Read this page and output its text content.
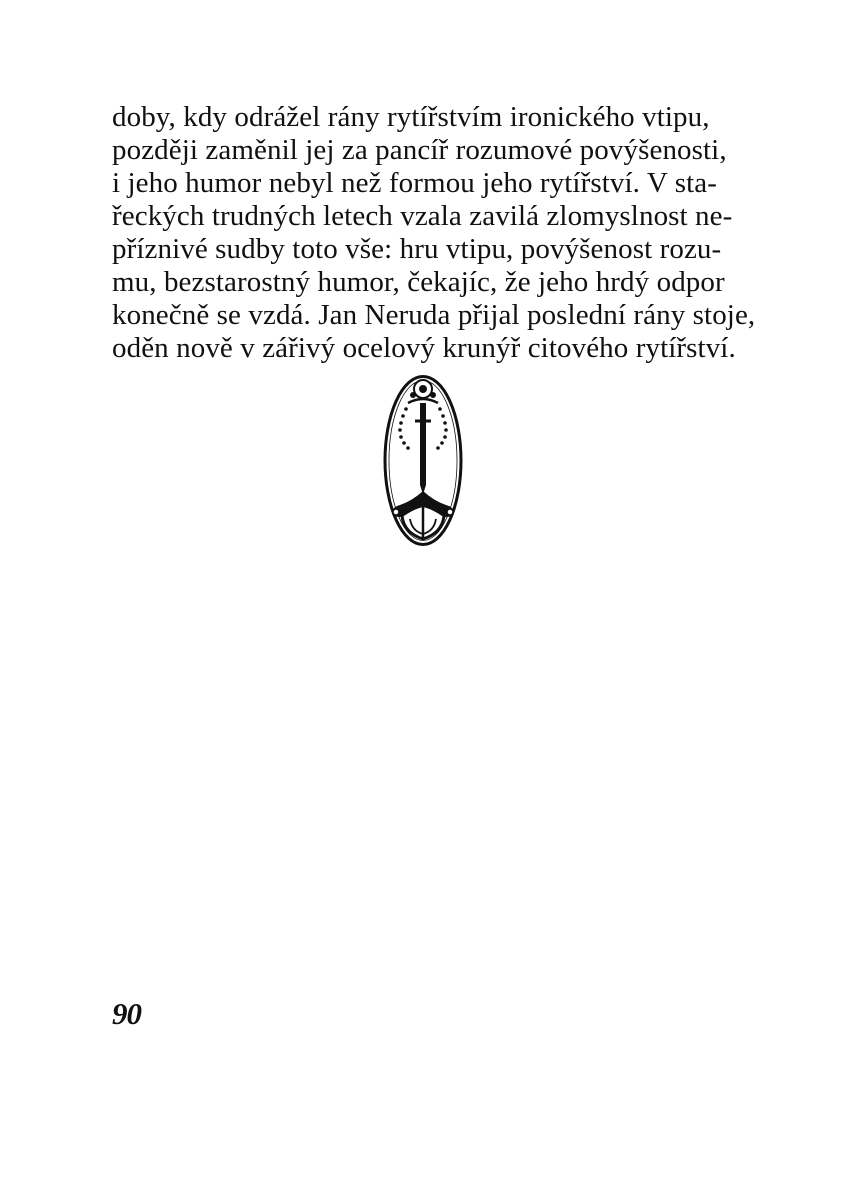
doby, kdy odrážel rány rytířstvím ironického vtipu,
později zaměnil jej za pancíř rozumové povýšenosti,
i jeho humor nebyl než formou jeho rytířství. V sta-
řeckých trudných letech vzala zavilá zlomyslnost ne-
příznivé sudby toto vše: hru vtipu, povýšenost rozu-
mu, bezstarostný humor, čekajíc, že jeho hrdý odpor
konečně se vzdá. Jan Neruda přijal poslední rány stoje,
oděn nově v zářivý ocelový krunýř citového rytířství.
90
